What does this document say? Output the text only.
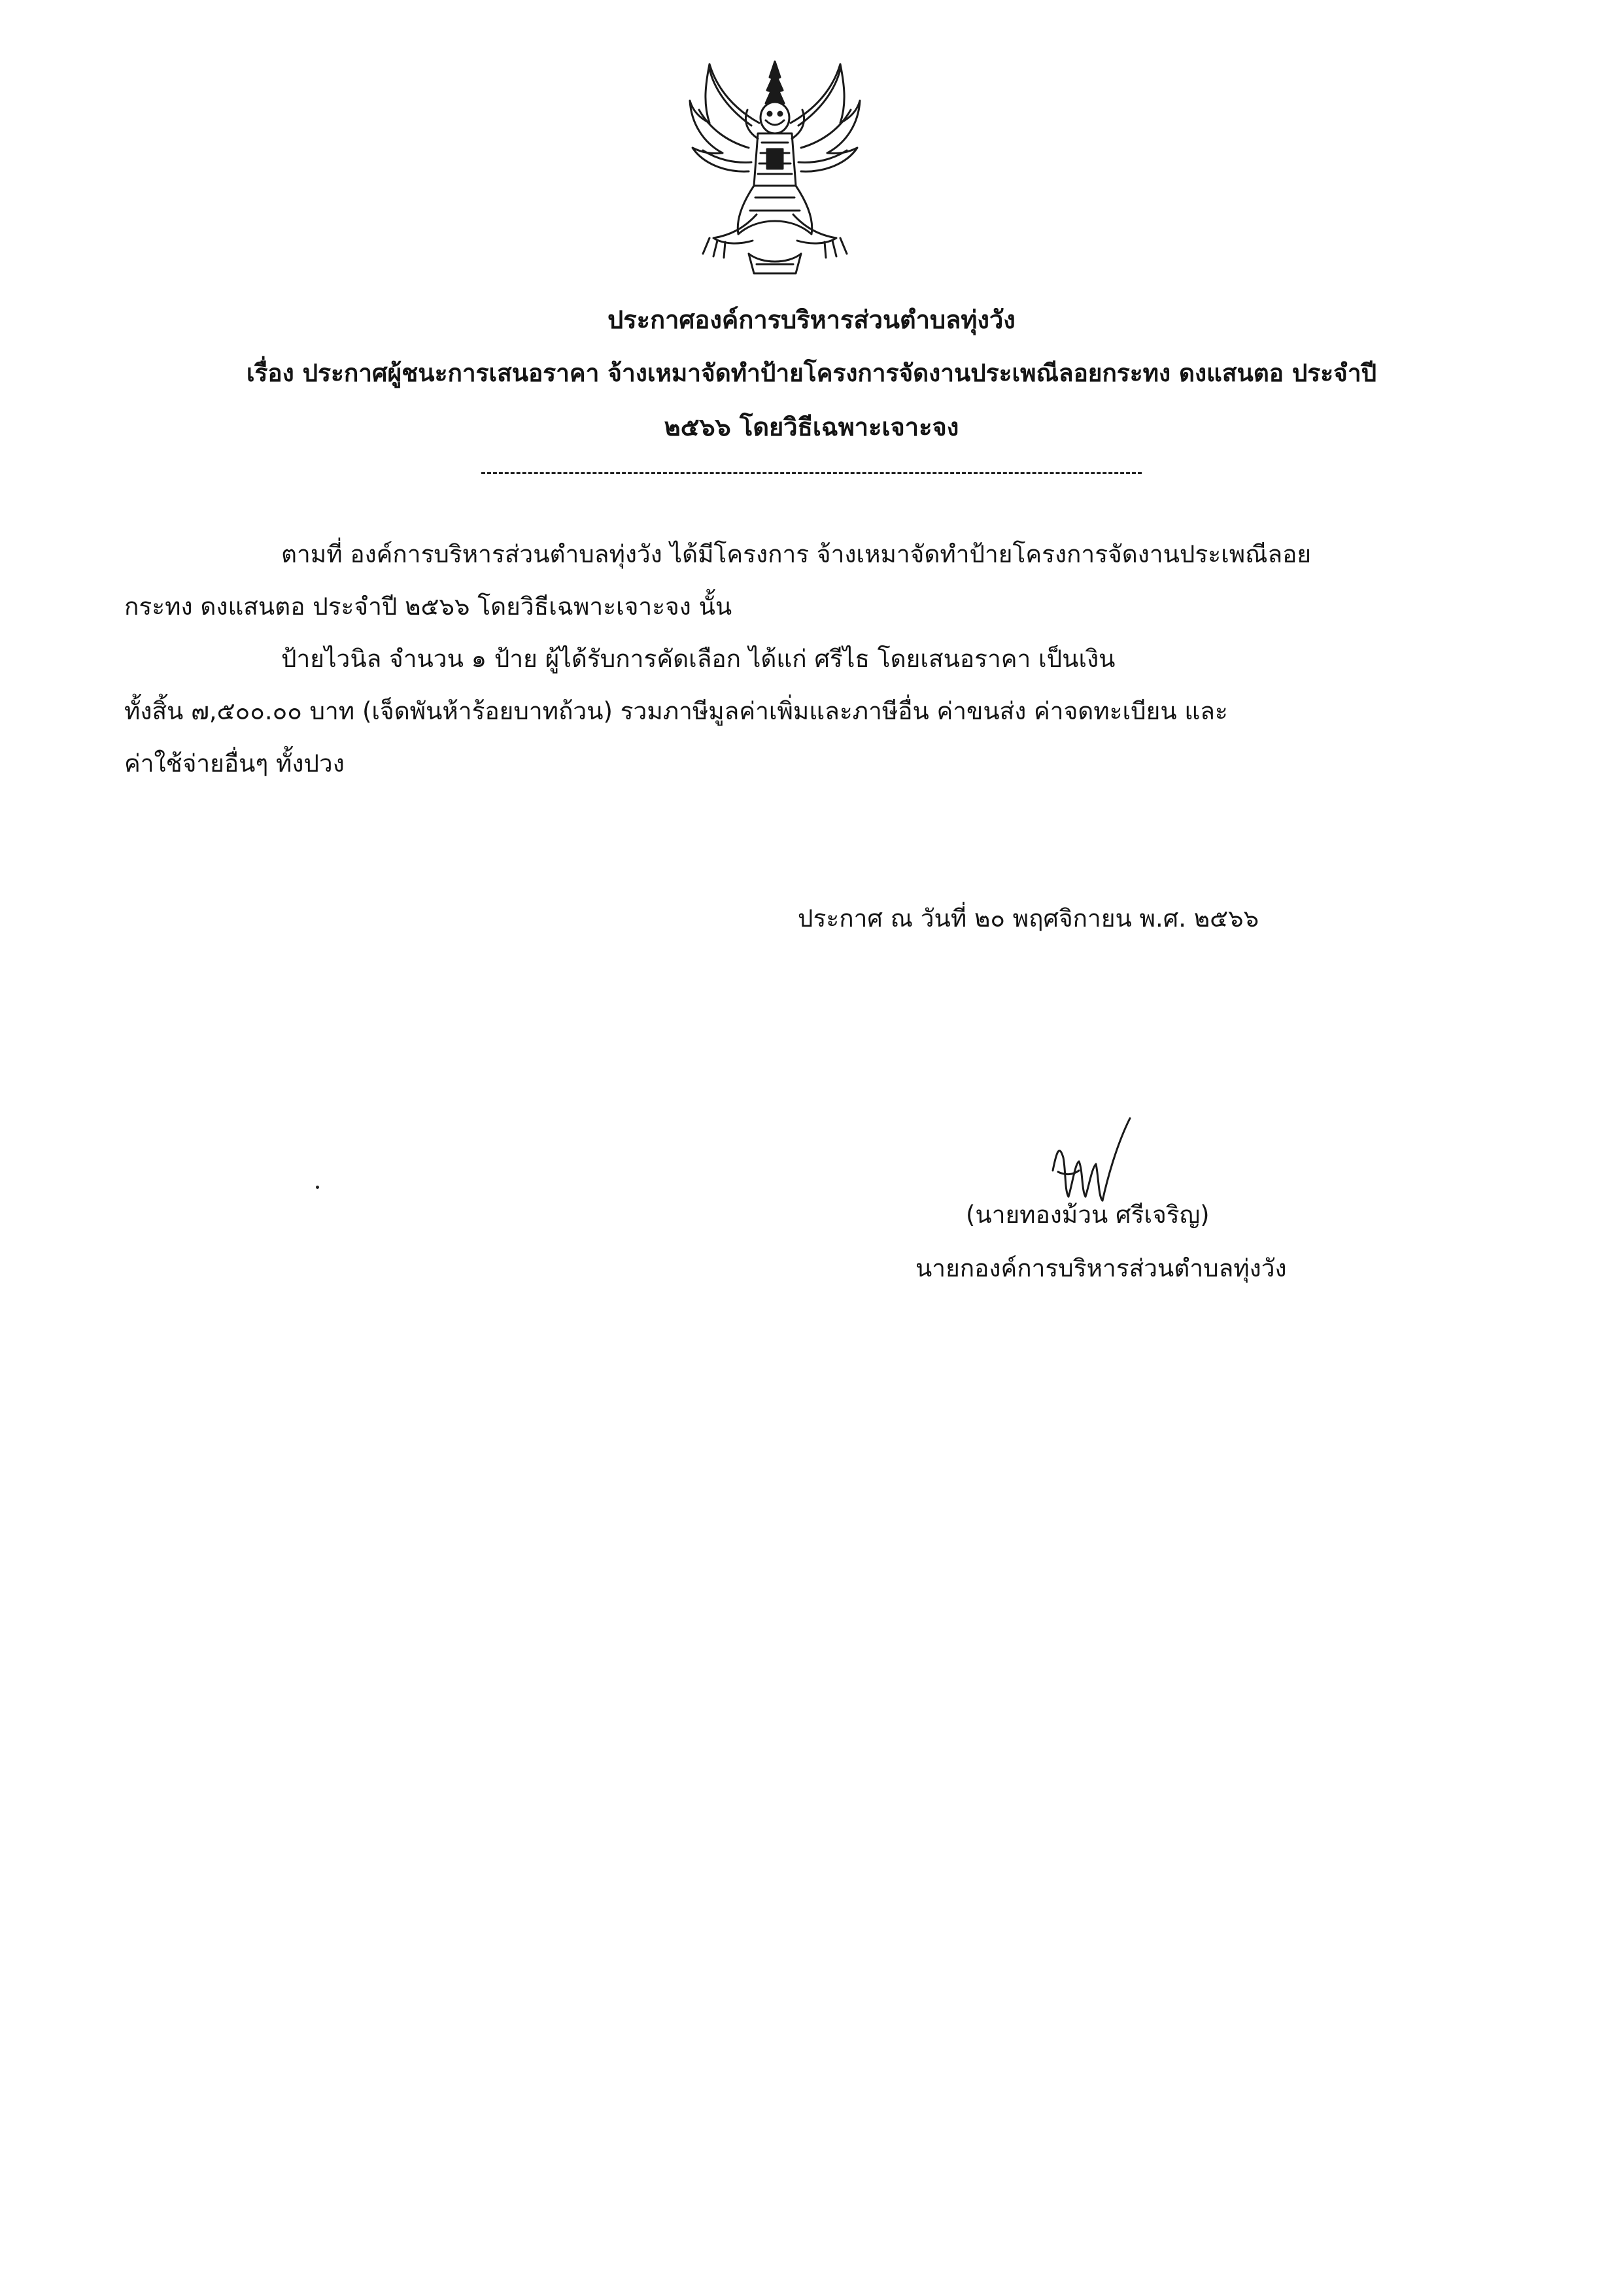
ประกาศองค์การบริหารส่วนตำบลทุ่งวัง
เรื่อง ประกาศผู้ชนะการเสนอราคา จ้างเหมาจัดทำป้ายโครงการจัดงานประเพณีลอยกระทง ดงแสนตอ ประจำปี
๒๕๖๖ โดยวิธีเฉพาะเจาะจง
ตามที่ องค์การบริหารส่วนตำบลทุ่งวัง ได้มีโครงการ จ้างเหมาจัดทำป้ายโครงการจัดงานประเพณีลอย
กระทง ดงแสนตอ ประจำปี ๒๕๖๖ โดยวิธีเฉพาะเจาะจง นั้น
ป้ายไวนิล จำนวน ๑ ป้าย ผู้ได้รับการคัดเลือก ได้แก่ ศรีไธ โดยเสนอราคา เป็นเงิน
ทั้งสิ้น ๗,๕๐๐.๐๐ บาท (เจ็ดพันห้าร้อยบาทถ้วน) รวมภาษีมูลค่าเพิ่มและภาษีอื่น ค่าขนส่ง ค่าจดทะเบียน และ
ค่าใช้จ่ายอื่นๆ ทั้งปวง
ประกาศ ณ วันที่ ๒๐ พฤศจิกายน พ.ศ. ๒๕๖๖
(นายทองม้วน ศรีเจริญ)
นายกองค์การบริหารส่วนตำบลทุ่งวัง
